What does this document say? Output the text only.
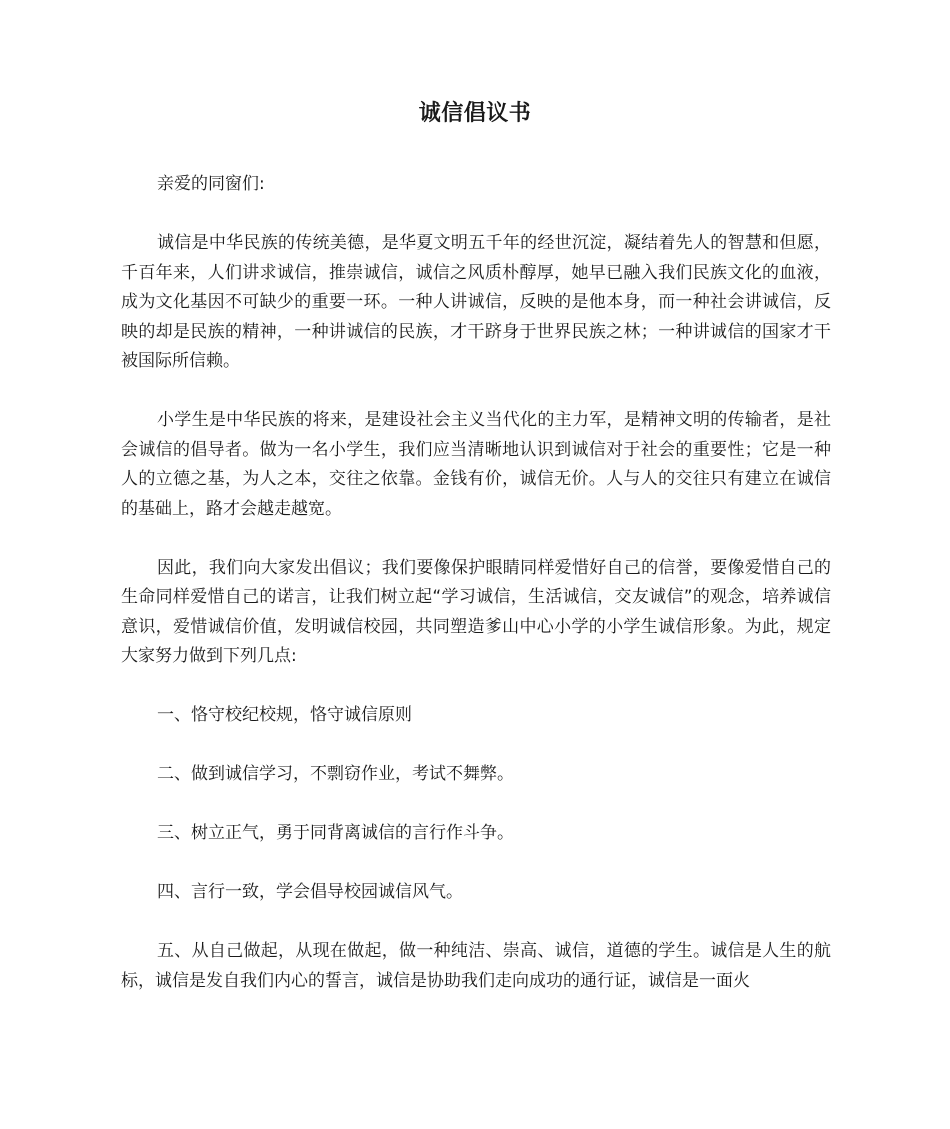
诚信倡议书

亲爱的同窗们:

诚信是中华民族的传统美德，是华夏文明五千年的经世沉淀，凝结着先人的智慧和但愿，千百年来，人们讲求诚信，推崇诚信，诚信之风质朴醇厚，她早已融入我们民族文化的血液，成为文化基因不可缺少的重要一环。一种人讲诚信，反映的是他本身，而一种社会讲诚信，反映的却是民族的精神，一种讲诚信的民族，才干跻身于世界民族之林；一种讲诚信的国家才干被国际所信赖。

小学生是中华民族的将来，是建设社会主义当代化的主力军，是精神文明的传输者，是社会诚信的倡导者。做为一名小学生，我们应当清晰地认识到诚信对于社会的重要性；它是一种人的立德之基，为人之本，交往之依靠。金钱有价，诚信无价。人与人的交往只有建立在诚信的基础上，路才会越走越宽。

因此，我们向大家发出倡议；我们要像保护眼睛同样爱惜好自己的信誉，要像爱惜自己的生命同样爱惜自己的诺言，让我们树立起“学习诚信，生活诚信，交友诚信”的观念，培养诚信意识，爱惜诚信价值，发明诚信校园，共同塑造爹山中心小学的小学生诚信形象。为此，规定大家努力做到下列几点:

一、恪守校纪校规，恪守诚信原则

二、做到诚信学习，不剽窃作业，考试不舞弊。

三、树立正气，勇于同背离诚信的言行作斗争。

四、言行一致，学会倡导校园诚信风气。

五、从自己做起，从现在做起，做一种纯洁、崇高、诚信，道德的学生。诚信是人生的航标，诚信是发自我们内心的誓言，诚信是协助我们走向成功的通行证，诚信是一面火
